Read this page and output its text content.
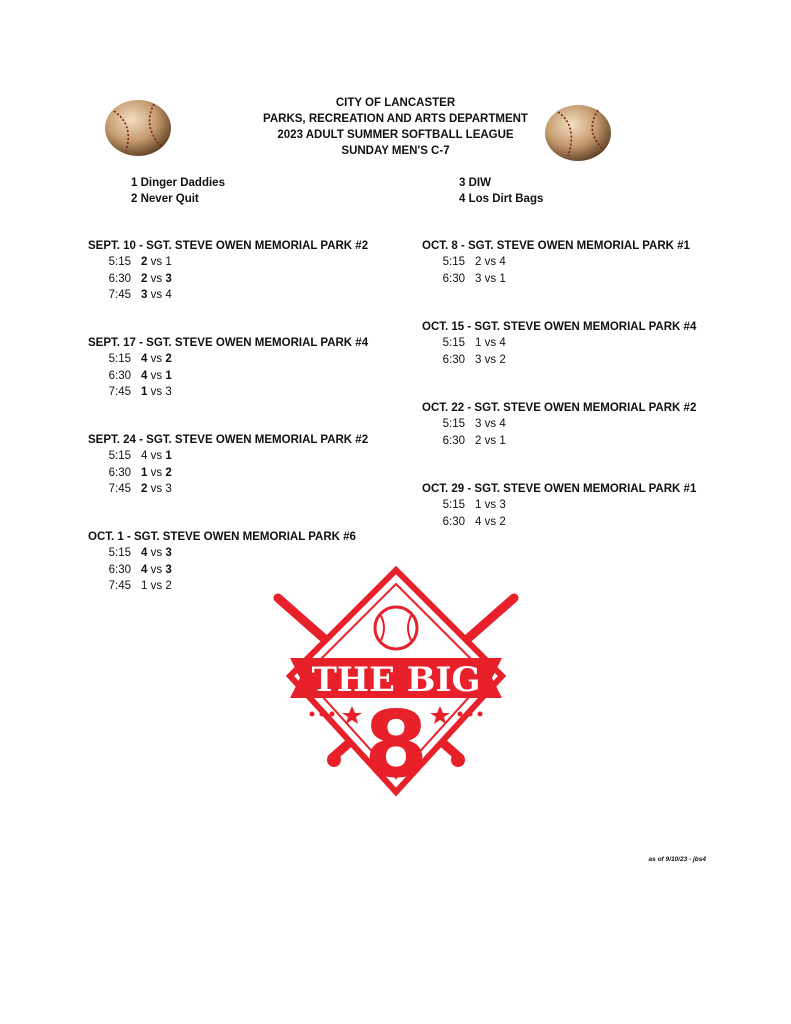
CITY OF LANCASTER
PARKS, RECREATION AND ARTS DEPARTMENT
2023 ADULT SUMMER SOFTBALL LEAGUE
SUNDAY MEN'S C-7
1 Dinger Daddies
2 Never Quit
3 DIW
4 Los Dirt Bags
SEPT. 10 - SGT. STEVE OWEN MEMORIAL PARK #2
5:15 2 vs 1
6:30 2 vs 3
7:45 3 vs 4
SEPT. 17 - SGT. STEVE OWEN MEMORIAL PARK #4
5:15 4 vs 2
6:30 4 vs 1
7:45 1 vs 3
SEPT. 24 - SGT. STEVE OWEN MEMORIAL PARK #2
5:15 4 vs 1
6:30 1 vs 2
7:45 2 vs 3
OCT. 1 - SGT. STEVE OWEN MEMORIAL PARK #6
5:15 4 vs 3
6:30 4 vs 3
7:45 1 vs 2
OCT. 8 - SGT. STEVE OWEN MEMORIAL PARK #1
5:15 2 vs 4
6:30 3 vs 1
OCT. 15 - SGT. STEVE OWEN MEMORIAL PARK #4
5:15 1 vs 4
6:30 3 vs 2
OCT. 22 - SGT. STEVE OWEN MEMORIAL PARK #2
5:15 3 vs 4
6:30 2 vs 1
OCT. 29 - SGT. STEVE OWEN MEMORIAL PARK #1
5:15 1 vs 3
6:30 4 vs 2
THE BIG
8
as of 9/10/23 - jbs4
